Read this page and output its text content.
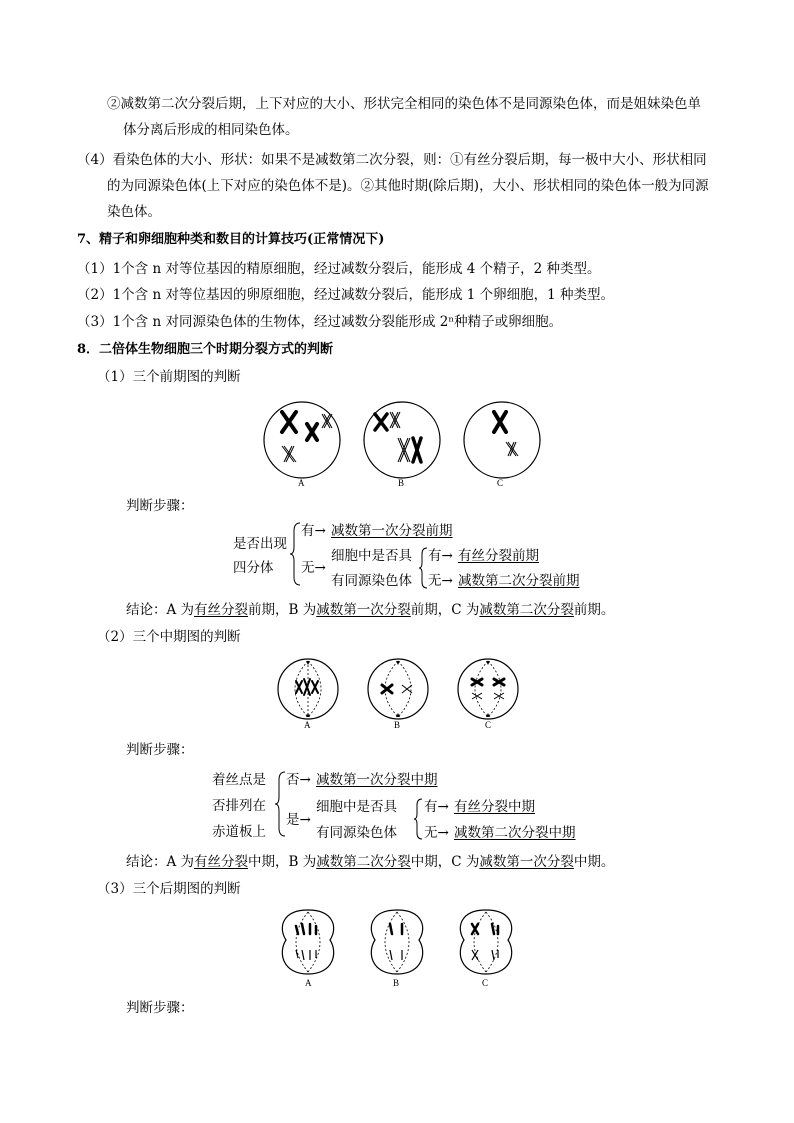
②减数第二次分裂后期，上下对应的大小、形状完全相同的染色体不是同源染色体，而是姐妹染色单
体分离后形成的相同染色体。
（4）看染色体的大小、形状：如果不是减数第二次分裂，则：①有丝分裂后期，每一极中大小、形状相同
的为同源染色体(上下对应的染色体不是)。②其他时期(除后期)，大小、形状相同的染色体一般为同源
染色体。
7、精子和卵细胞种类和数目的计算技巧(正常情况下)
（1）1个含 n 对等位基因的精原细胞，经过减数分裂后，能形成 4 个精子，2 种类型。
（2）1个含 n 对等位基因的卵原细胞，经过减数分裂后，能形成 1 个卵细胞，1 种类型。
（3）1个含 n 对同源染色体的生物体，经过减数分裂能形成 2ⁿ种精子或卵细胞。
8．二倍体生物细胞三个时期分裂方式的判断
（1）三个前期图的判断
A	B	C
判断步骤：
是否出现
四分体
有→ 减数第一次分裂前期
无→
细胞中是否具
有同源染色体
有→ 有丝分裂前期
无→ 减数第二次分裂前期
结论：A 为有丝分裂前期，B 为减数第一次分裂前期，C 为减数第二次分裂前期。
（2）三个中期图的判断
A	B	C
判断步骤：
着丝点是
否排列在
赤道板上
否→ 减数第一次分裂中期
是→
细胞中是否具
有同源染色体
有→ 有丝分裂中期
无→ 减数第二次分裂中期
结论：A 为有丝分裂中期，B 为减数第二次分裂中期，C 为减数第一次分裂中期。
（3）三个后期图的判断
A	B	C
判断步骤：
